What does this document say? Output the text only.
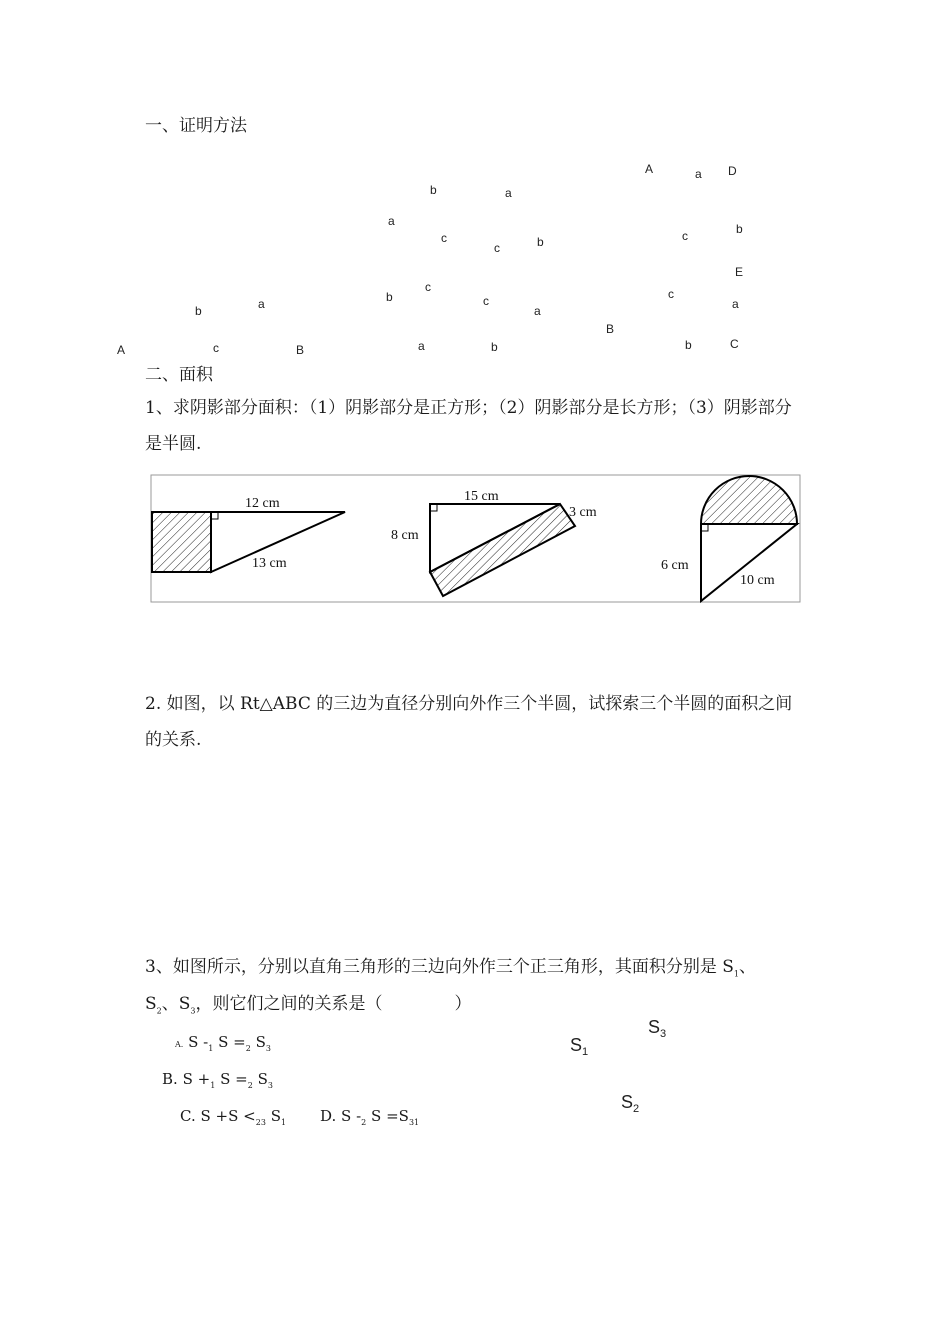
一、证明方法
A	c	B
b	a
b	a
a
c
c	b
b
c
c
a
a	b
A	a D
c	b
E
c
a
B
b	C
二、面积
1、求阴影部分面积：（1）阴影部分是正方形；（2）阴影部分是长方形；（3）阴影部分是半圆.
12 cm
13 cm
15 cm
8 cm
3 cm
6 cm
10 cm
2. 如图，以 Rt△ABC 的三边为直径分别向外作三个半圆，试探索三个半圆的面积之间的关系.
3、如图所示，分别以直角三角形的三边向外作三个正三角形，其面积分别是 $S_1$、
$S_2$、$S_3$，则它们之间的关系是（	）
A. S $-_1$ $S =_2$ $S_3$
B. $S +_1$ $S =_2$ $S_3$
C. $S +S <_{23}$ $S_1$ D. S $-_2$ $S =S_{31}$
$S_1$
$S_3$
$S_2$
